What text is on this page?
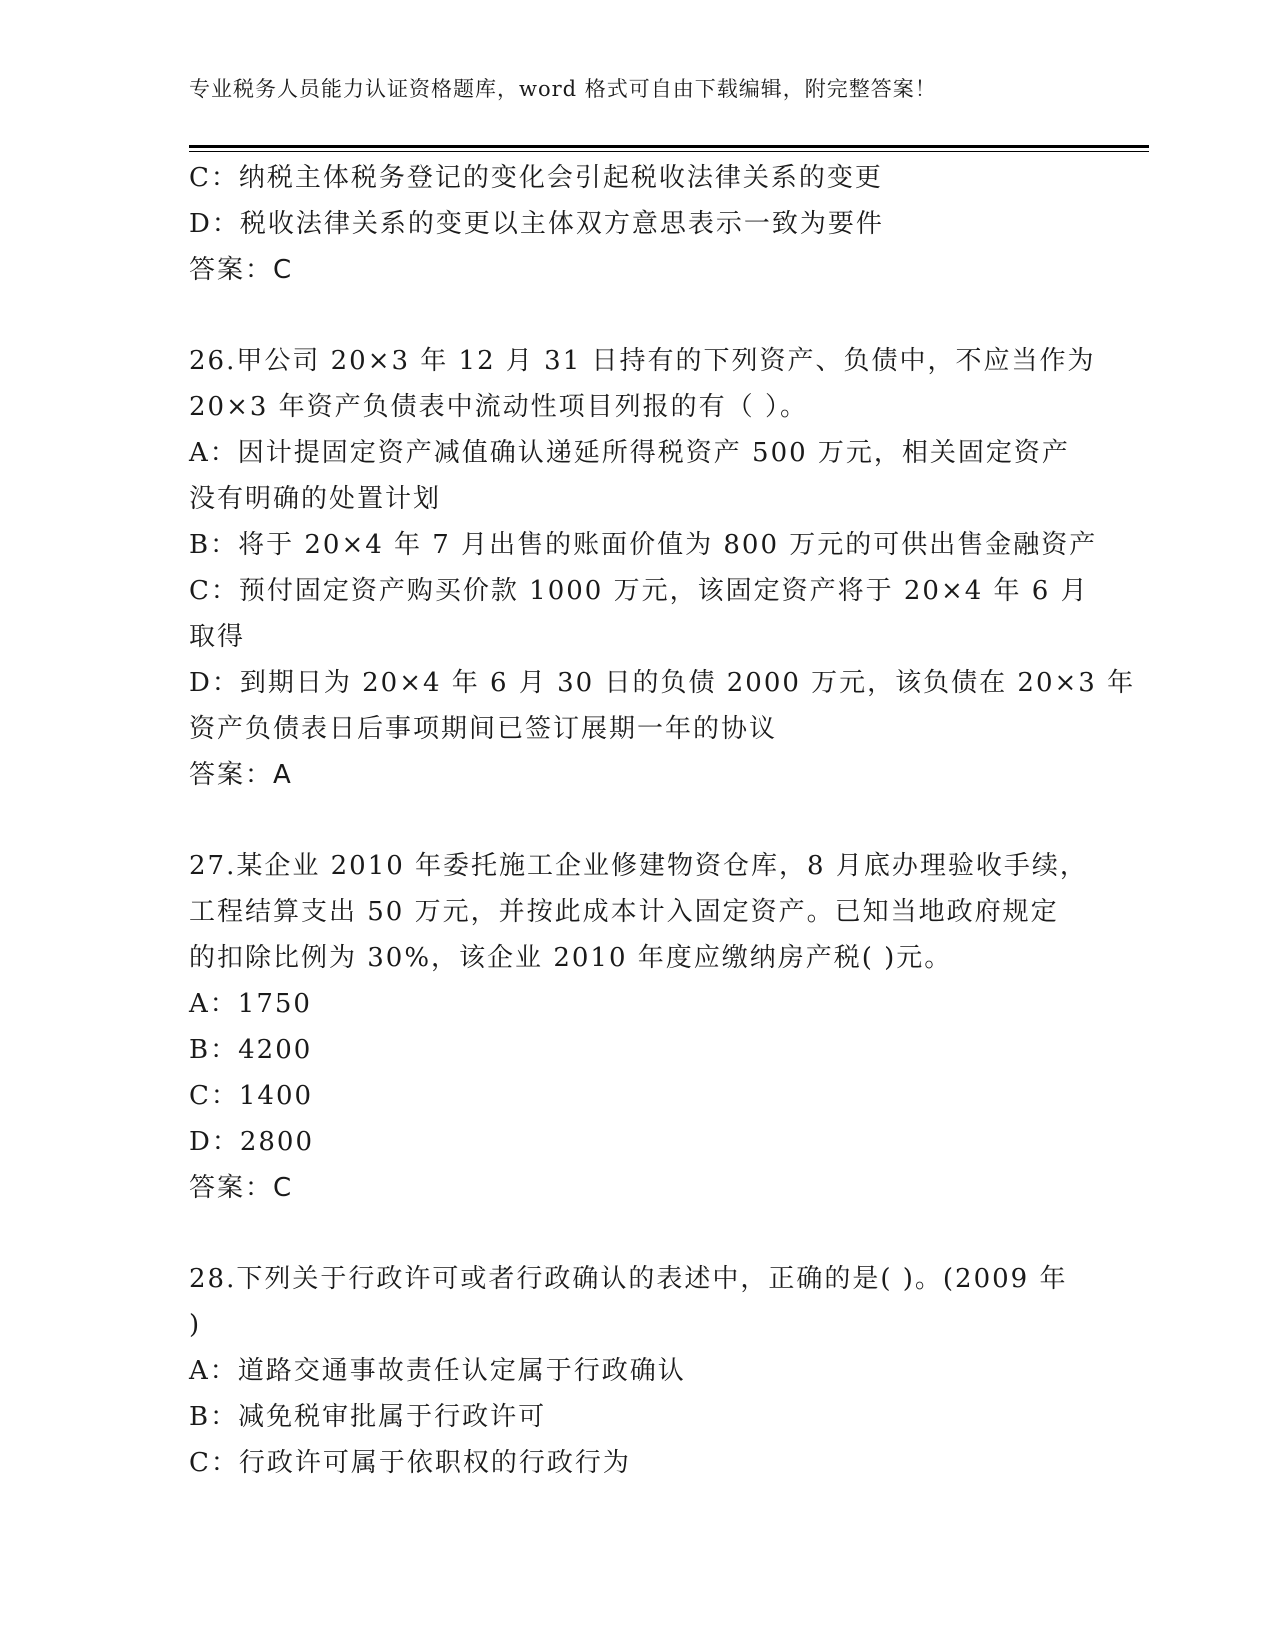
专业税务人员能力认证资格题库，word 格式可自由下载编辑，附完整答案！
C：纳税主体税务登记的变化会引起税收法律关系的变更
D：税收法律关系的变更以主体双方意思表示一致为要件
答案：C
26.甲公司 20×3 年 12 月 31 日持有的下列资产、负债中，不应当作为
20×3 年资产负债表中流动性项目列报的有（ ）。
A：因计提固定资产减值确认递延所得税资产 500 万元，相关固定资产
没有明确的处置计划
B：将于 20×4 年 7 月出售的账面价值为 800 万元的可供出售金融资产
C：预付固定资产购买价款 1000 万元，该固定资产将于 20×4 年 6 月
取得
D：到期日为 20×4 年 6 月 30 日的负债 2000 万元，该负债在 20×3 年
资产负债表日后事项期间已签订展期一年的协议
答案：A
27.某企业 2010 年委托施工企业修建物资仓库，8 月底办理验收手续，
工程结算支出 50 万元，并按此成本计入固定资产。已知当地政府规定
的扣除比例为 30%，该企业 2010 年度应缴纳房产税( )元。
A：1750
B：4200
C：1400
D：2800
答案：C
28.下列关于行政许可或者行政确认的表述中，正确的是( )。(2009 年
)
A：道路交通事故责任认定属于行政确认
B：减免税审批属于行政许可
C：行政许可属于依职权的行政行为
